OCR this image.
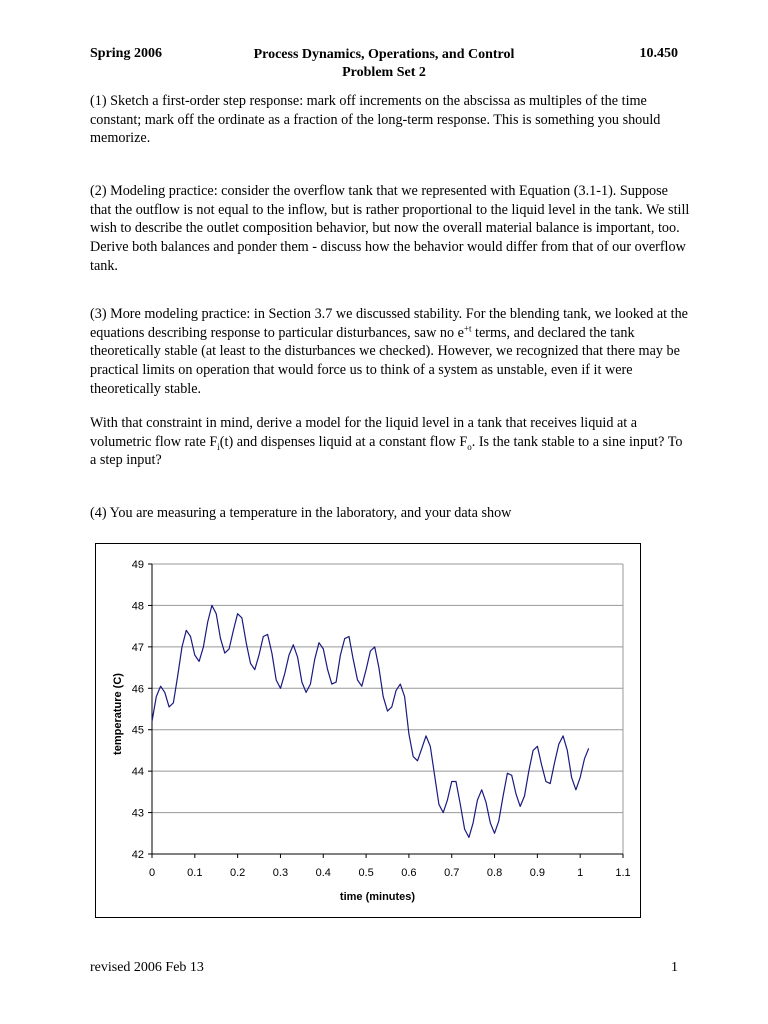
Spring 2006	Process Dynamics, Operations, and Control
Problem Set 2
10.450
(1) Sketch a first-order step response: mark off increments on the abscissa as multiples of the time constant; mark off the ordinate as a fraction of the long-term response. This is something you should memorize.
(2) Modeling practice: consider the overflow tank that we represented with Equation (3.1-1). Suppose that the outflow is not equal to the inflow, but is rather proportional to the liquid level in the tank. We still wish to describe the outlet composition behavior, but now the overall material balance is important, too. Derive both balances and ponder them - discuss how the behavior would differ from that of our overflow tank.
(3) More modeling practice: in Section 3.7 we discussed stability. For the blending tank, we looked at the equations describing response to particular disturbances, saw no $e^{+t}$ terms, and declared the tank theoretically stable (at least to the disturbances we checked). However, we recognized that there may be practical limits on operation that would force us to think of a system as unstable, even if it were theoretically stable.
With that constraint in mind, derive a model for the liquid level in a tank that receives liquid at a volumetric flow rate $F_i(t)$ and dispenses liquid at a constant flow $F_o$. Is the tank stable to a sine input? To a step input?
(4) You are measuring a temperature in the laboratory, and your data show
42
43
44
45
46
47
48
49
0	0.1	0.2	0.3	0.4	0.5	0.6	0.7	0.8	0.9	1	1.1
time (minutes)
temperature (C)
revised 2006 Feb 13	1
